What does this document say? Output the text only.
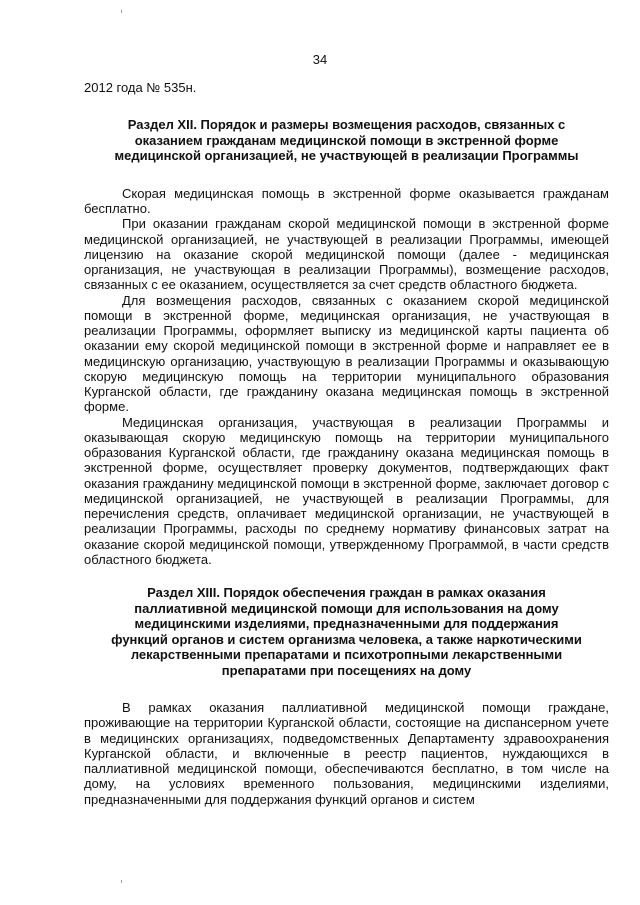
34

2012 года № 535н.

Раздел XII. Порядок и размеры возмещения расходов, связанных с
оказанием гражданам медицинской помощи в экстренной форме
медицинской организацией, не участвующей в реализации Программы

Скорая медицинская помощь в экстренной форме оказывается гражданам бесплатно.

При оказании гражданам скорой медицинской помощи в экстренной форме медицинской организацией, не участвующей в реализации Программы, имеющей лицензию на оказание скорой медицинской помощи (далее - медицинская организация, не участвующая в реализации Программы), возмещение расходов, связанных с ее оказанием, осуществляется за счет средств областного бюджета.

Для возмещения расходов, связанных с оказанием скорой медицинской помощи в экстренной форме, медицинская организация, не участвующая в реализации Программы, оформляет выписку из медицинской карты пациента об оказании ему скорой медицинской помощи в экстренной форме и направляет ее в медицинскую организацию, участвующую в реализации Программы и оказывающую скорую медицинскую помощь на территории муниципального образования Курганской области, где гражданину оказана медицинская помощь в экстренной форме.

Медицинская организация, участвующая в реализации Программы и оказывающая скорую медицинскую помощь на территории муниципального образования Курганской области, где гражданину оказана медицинская помощь в экстренной форме, осуществляет проверку документов, подтверждающих факт оказания гражданину медицинской помощи в экстренной форме, заключает договор с медицинской организацией, не участвующей в реализации Программы, для перечисления средств, оплачивает медицинской организации, не участвующей в реализации Программы, расходы по среднему нормативу финансовых затрат на оказание скорой медицинской помощи, утвержденному Программой, в части средств областного бюджета.

Раздел XIII. Порядок обеспечения граждан в рамках оказания
паллиативной медицинской помощи для использования на дому
медицинскими изделиями, предназначенными для поддержания
функций органов и систем организма человека, а также наркотическими
лекарственными препаратами и психотропными лекарственными
препаратами при посещениях на дому

В рамках оказания паллиативной медицинской помощи граждане, проживающие на территории Курганской области, состоящие на диспансерном учете в медицинских организациях, подведомственных Департаменту здравоохранения Курганской области, и включенные в реестр пациентов, нуждающихся в паллиативной медицинской помощи, обеспечиваются бесплатно, в том числе на дому, на условиях временного пользования, медицинскими изделиями, предназначенными для поддержания функций органов и систем
